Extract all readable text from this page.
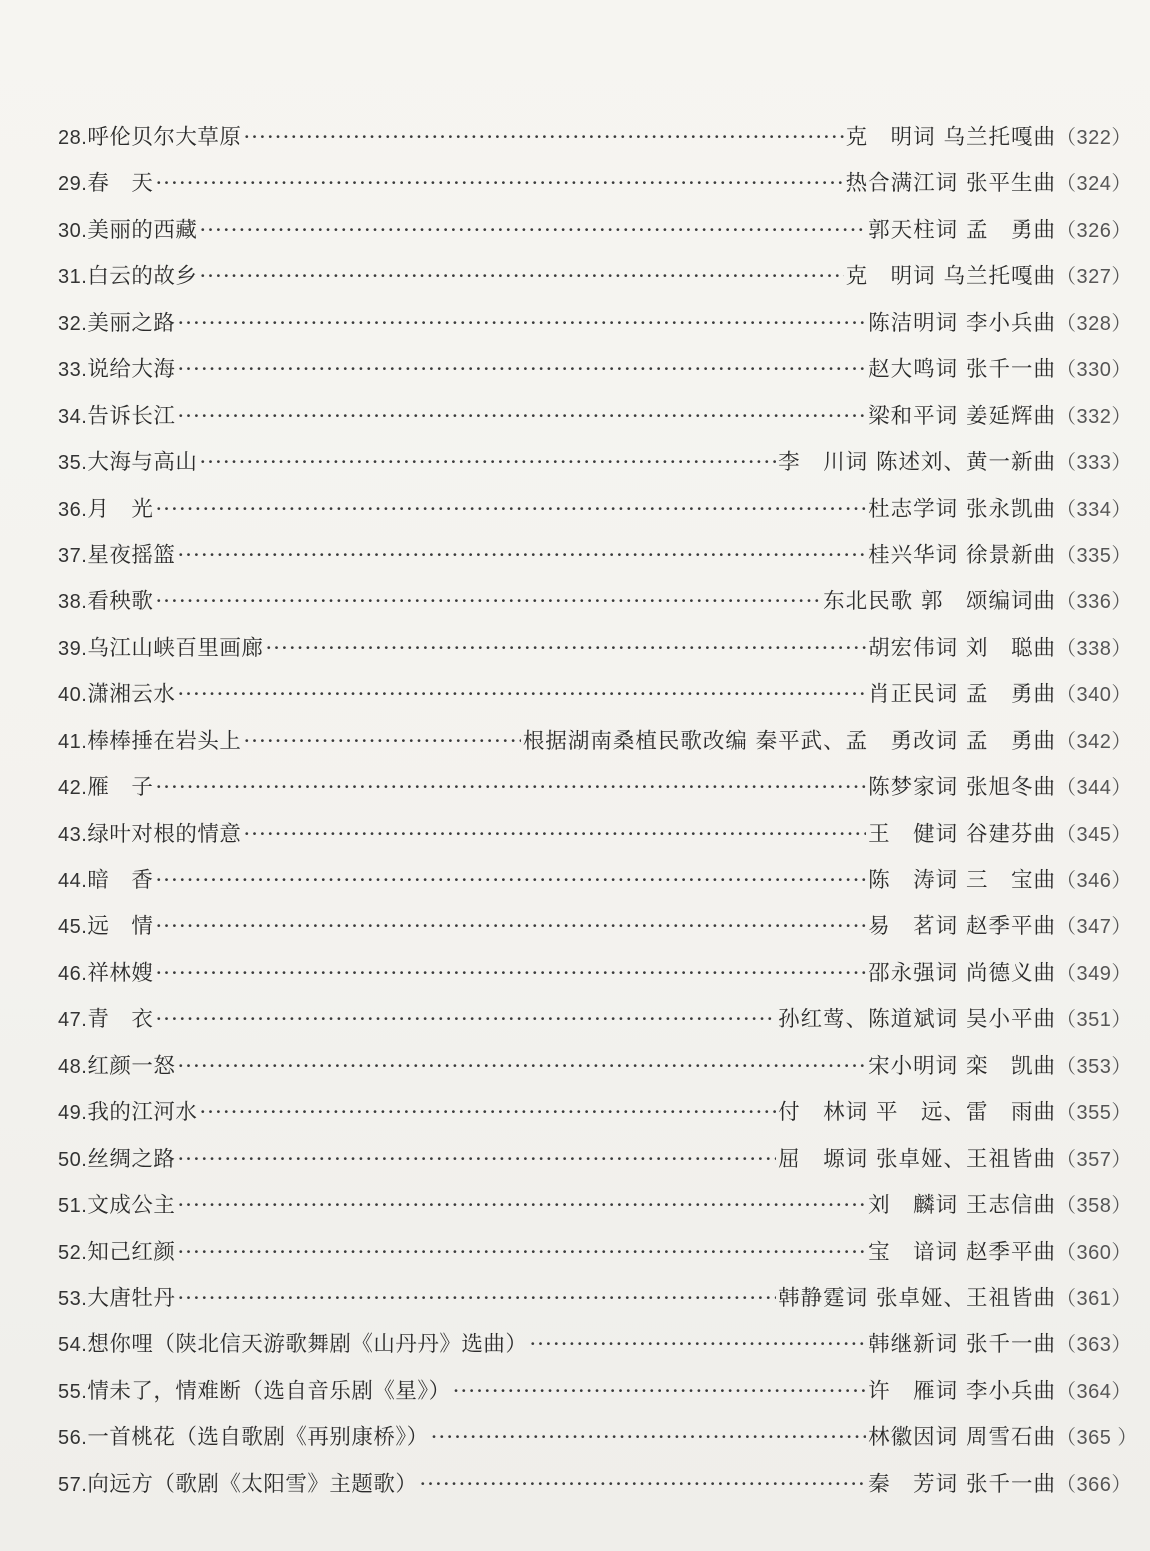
28. 呼伦贝尔大草原 ·····	克　明词 乌兰托嘎曲 （322）
29. 春　天 ·····	热合满江词 张平生曲 （324）
30. 美丽的西藏 ·····	郭天柱词 孟　勇曲 （326）
31. 白云的故乡 ·····	克　明词 乌兰托嘎曲 （327）
32. 美丽之路 ·····	陈洁明词 李小兵曲 （328）
33. 说给大海 ·····	赵大鸣词 张千一曲 （330）
34. 告诉长江 ·····	梁和平词 姜延辉曲 （332）
35. 大海与高山 ·····	李　川词 陈述刘、黄一新曲 （333）
36. 月　光 ·····	杜志学词 张永凯曲 （334）
37. 星夜摇篮 ·····	桂兴华词 徐景新曲 （335）
38. 看秧歌 ·····	东北民歌 郭　颂编词曲 （336）
39. 乌江山峡百里画廊 ·····	胡宏伟词 刘　聪曲 （338）
40. 潇湘云水 ·····	肖正民词 孟　勇曲 （340）
41. 棒棒捶在岩头上 ·····	根据湖南桑植民歌改编 秦平武、孟　勇改词 孟　勇曲 （342）
42. 雁　子 ·····	陈梦家词 张旭冬曲 （344）
43. 绿叶对根的情意 ·····	王　健词 谷建芬曲 （345）
44. 暗　香 ·····	陈　涛词 三　宝曲 （346）
45. 远　情 ·····	易　茗词 赵季平曲 （347）
46. 祥林嫂 ·····	邵永强词 尚德义曲 （349）
47. 青　衣 ·····	孙红莺、陈道斌词 吴小平曲 （351）
48. 红颜一怒 ·····	宋小明词 栾　凯曲 （353）
49. 我的江河水 ·····	付　林词 平　远、雷　雨曲 （355）
50. 丝绸之路 ·····	屈　塬词 张卓娅、王祖皆曲 （357）
51. 文成公主 ·····	刘　麟词 王志信曲 （358）
52. 知己红颜 ·····	宝　谙词 赵季平曲 （360）
53. 大唐牡丹 ·····	韩静霆词 张卓娅、王祖皆曲 （361）
54. 想你哩（陕北信天游歌舞剧《山丹丹》选曲） ·····	韩继新词 张千一曲 （363）
55. 情未了，情难断（选自音乐剧《星》） ·····	许　雁词 李小兵曲 （364）
56. 一首桃花（选自歌剧《再别康桥》） ·····	林徽因词 周雪石曲 （365 ）
57. 向远方（歌剧《太阳雪》主题歌） ·····	秦　芳词 张千一曲 （366）
